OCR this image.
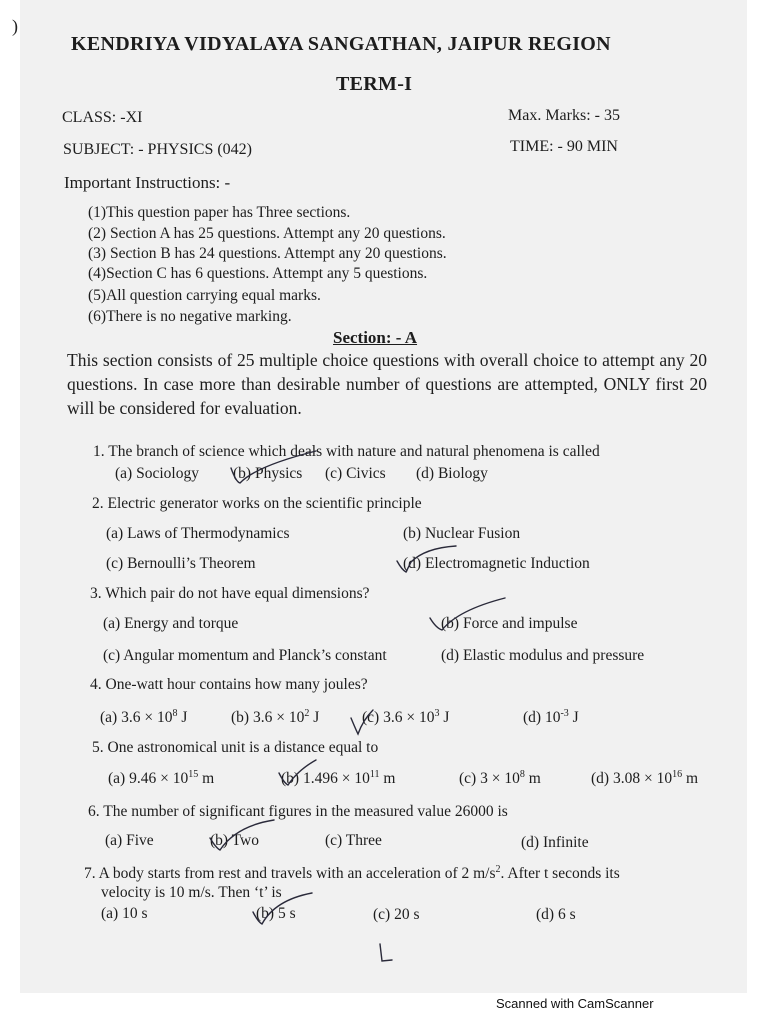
)
KENDRIYA VIDYALAYA SANGATHAN, JAIPUR REGION
TERM-I
CLASS: -XI	Max. Marks: - 35
SUBJECT: - PHYSICS (042)	TIME: - 90 MIN
Important Instructions: -
(1)This question paper has Three sections.
(2) Section A has 25 questions. Attempt any 20 questions.
(3) Section B has 24 questions. Attempt any 20 questions.
(4)Section C has 6 questions. Attempt any 5 questions.
(5)All question carrying equal marks.
(6)There is no negative marking.
Section: - A
This section consists of 25 multiple choice questions with overall choice to attempt any 20 questions. In case more than desirable number of questions are attempted, ONLY first 20 will be considered for evaluation.
1. The branch of science which deals with nature and natural phenomena is called
(a) Sociology (b) Physics (c) Civics (d) Biology
2. Electric generator works on the scientific principle
(a) Laws of Thermodynamics	(b) Nuclear Fusion
(c) Bernoulli’s Theorem	(d) Electromagnetic Induction
3. Which pair do not have equal dimensions?
(a) Energy and torque	(b) Force and impulse
(c) Angular momentum and Planck’s constant	(d) Elastic modulus and pressure
4. One-watt hour contains how many joules?
(a) $3.6 \times 10^8$ J	(b) $3.6 \times 10^2$ J	(c) $3.6 \times 10^3$ J	(d) $10^{-3}$ J
5. One astronomical unit is a distance equal to
(a) $9.46 \times 10^{15}$ m	(b) $1.496 \times 10^{11}$ m	(c) $3 \times 10^8$ m	(d) $3.08 \times 10^{16}$ m
6. The number of significant figures in the measured value 26000 is
(a) Five	(b) Two	(c) Three	(d) Infinite
7. A body starts from rest and travels with an acceleration of 2 $m/s^2$. After t seconds its
velocity is 10 m/s. Then ‘t’ is
(a) 10 s	(b) 5 s	(c) 20 s	(d) 6 s
Scanned with CamScanner
